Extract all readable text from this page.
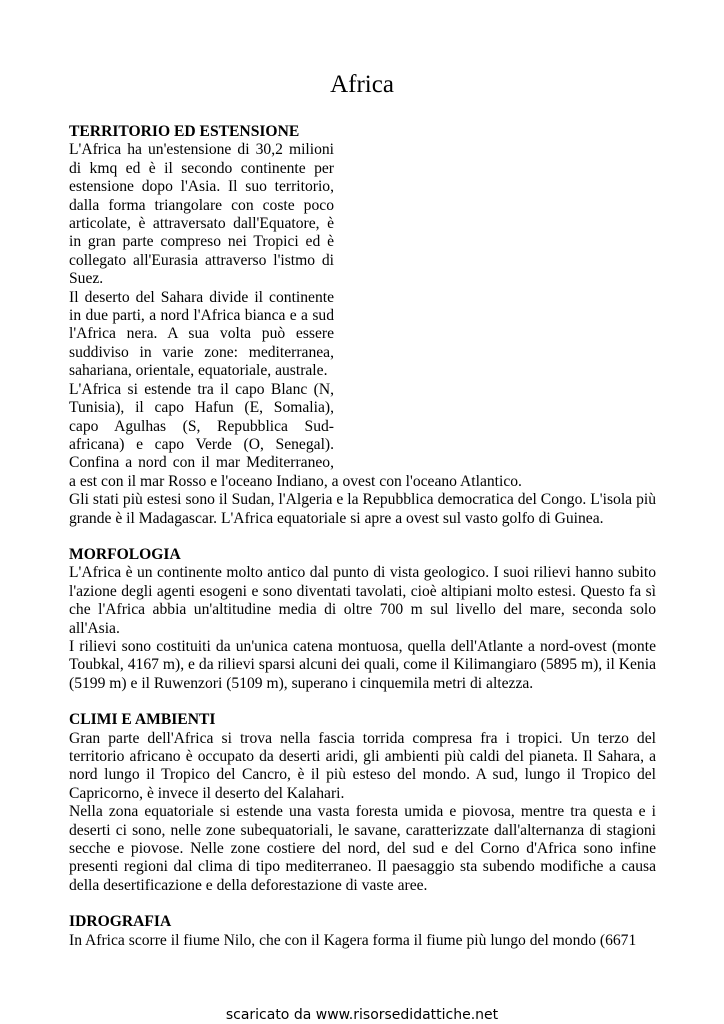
Africa
TERRITORIO ED ESTENSIONE
L'Africa ha un'estensione di 30,2 milioni
di kmq ed è il secondo continente per
estensione dopo l'Asia. Il suo territorio,
dalla forma triangolare con coste poco
articolate, è attraversato dall'Equatore, è
in gran parte compreso nei Tropici ed è
collegato all'Eurasia attraverso l'istmo di
Suez.
Il deserto del Sahara divide il continente
in due parti, a nord l'Africa bianca e a sud
l'Africa nera. A sua volta può essere
suddiviso in varie zone: mediterranea,
sahariana, orientale, equatoriale, australe.
L'Africa si estende tra il capo Blanc (N,
Tunisia), il capo Hafun (E, Somalia),
capo Agulhas (S, Repubblica Sud-
africana) e capo Verde (O, Senegal).
Confina a nord con il mar Mediterraneo,

a est con il mar Rosso e l'oceano Indiano, a ovest con l'oceano Atlantico.

Gli stati più estesi sono il Sudan, l'Algeria e la Repubblica democratica del Congo. L'isola più grande è il Madagascar. L'Africa equatoriale si apre a ovest sul vasto golfo di Guinea.

MORFOLOGIA

L'Africa è un continente molto antico dal punto di vista geologico. I suoi rilievi hanno subito l'azione degli agenti esogeni e sono diventati tavolati, cioè altipiani molto estesi. Questo fa sì che l'Africa abbia un'altitudine media di oltre 700 m sul livello del mare, seconda solo all'Asia.

I rilievi sono costituiti da un'unica catena montuosa, quella dell'Atlante a nord-ovest (monte Toubkal, 4167 m), e da rilievi sparsi alcuni dei quali, come il Kilimangiaro (5895 m), il Kenia (5199 m) e il Ruwenzori (5109 m), superano i cinquemila metri di altezza.

CLIMI E AMBIENTI

Gran parte dell'Africa si trova nella fascia torrida compresa fra i tropici. Un terzo del territorio africano è occupato da deserti aridi, gli ambienti più caldi del pianeta. Il Sahara, a nord lungo il Tropico del Cancro, è il più esteso del mondo. A sud, lungo il Tropico del Capricorno, è invece il deserto del Kalahari.

Nella zona equatoriale si estende una vasta foresta umida e piovosa, mentre tra questa e i deserti ci sono, nelle zone subequatoriali, le savane, caratterizzate dall'alternanza di stagioni secche e piovose. Nelle zone costiere del nord, del sud e del Corno d'Africa sono infine presenti regioni dal clima di tipo mediterraneo. Il paesaggio sta subendo modifiche a causa della desertificazione e della deforestazione di vaste aree.

IDROGRAFIA

In Africa scorre il fiume Nilo, che con il Kagera forma il fiume più lungo del mondo (6671

scaricato da www.risorsedidattiche.net
